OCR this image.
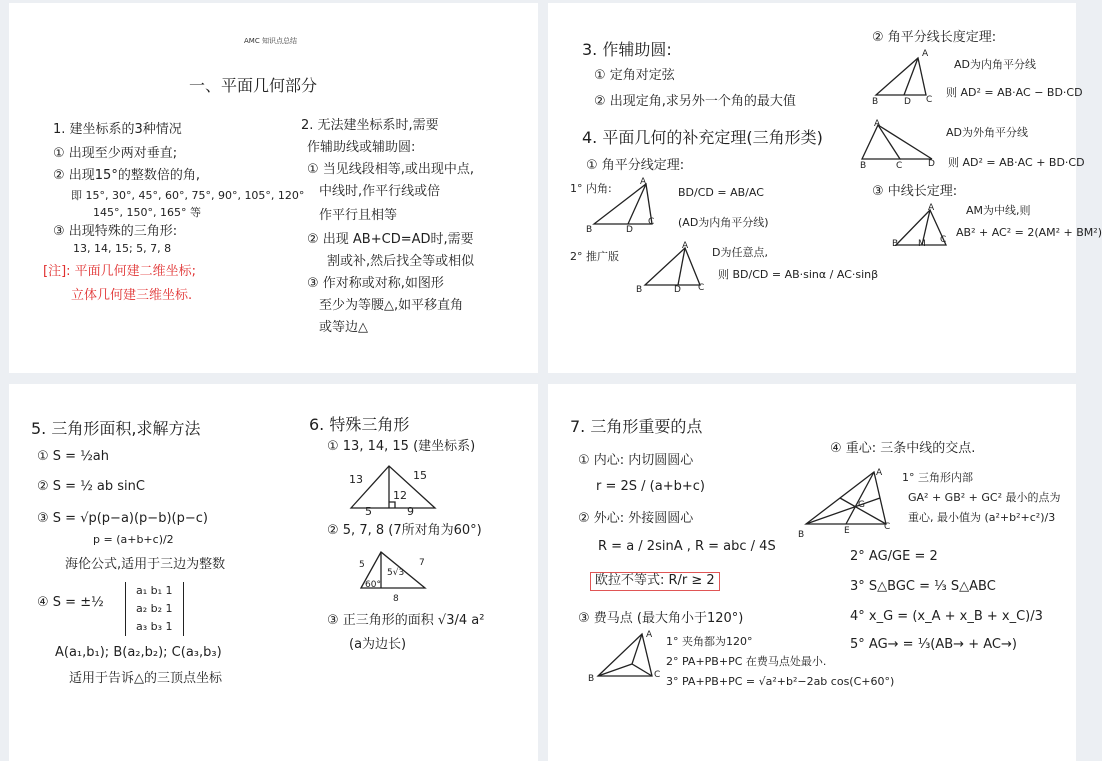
AMC 知识点总结
一、平面几何部分
1. 建坐标系的3种情况
① 出现至少两对垂直;
② 出现15°的整数倍的角,
即 15°, 30°, 45°, 60°, 75°, 90°, 105°, 120°
145°, 150°, 165° 等
③ 出现特殊的三角形:
13, 14, 15; 5, 7, 8
[注]: 平面几何建二维坐标;
立体几何建三维坐标.
2. 无法建坐标系时,需要
作辅助线或辅助圆:
① 当见线段相等,或出现中点,
中线时,作平行线或倍
作平行且相等
② 出现 AB+CD=AD时,需要
割或补,然后找全等或相似
③ 作对称或对称,如图形
至少为等腰△,如平移直角
或等边△
3. 作辅助圆:
① 定角对定弦
② 出现定角,求另外一个角的最大值
4. 平面几何的补充定理(三角形类)
① 角平分线定理:
1° 内角:	A
B	D
C
BD/CD = AB/AC
(AD为内角平分线)
2° 推广版
A
B	D C
D为任意点,
则 BD/CD = AB·sinα / AC·sinβ
② 角平分线长度定理:
A
B	D C
AD为内角平分线
则 AD² = AB·AC − BD·CD
A
B	C	D
AD为外角平分线
则 AD² = AB·AC + BD·CD
③ 中线长定理:
A
B M C
AM为中线,则
AB² + AC² = 2(AM² + BM²)
5. 三角形面积,求解方法
① S = ½ah
② S = ½ ab sinC
③ S = √p(p−a)(p−b)(p−c)
p = (a+b+c)/2
海伦公式,适用于三边为整数
④ S = ±½
a₁ b₁ 1
a₂ b₂ 1
a₃ b₃ 1
A(a₁,b₁); B(a₂,b₂); C(a₃,b₃)
适用于告诉△的三顶点坐标
6. 特殊三角形
① 13, 14, 15 (建坐标系)
13	15
12
5	9
② 5, 7, 8 (7所对角为60°)
5	7
5√3
60°
8
③ 正三角形的面积 √3/4 a²
(a为边长)
7. 三角形重要的点
① 内心: 内切圆圆心
r = 2S / (a+b+c)
② 外心: 外接圆圆心
R = a / 2sinA , R = abc / 4S
欧拉不等式: R/r ≥ 2
③ 费马点 (最大角小于120°)
A
B	C
1° 夹角都为120°
2° PA+PB+PC 在费马点处最小.
3° PA+PB+PC = √a²+b²−2ab cos(C+60°)
④ 重心: 三条中线的交点.
A
B	E	C
G
1° 三角形内部
GA² + GB² + GC² 最小的点为
重心, 最小值为 (a²+b²+c²)/3
2° AG/GE = 2
3° S△BGC = ⅓ S△ABC
4° x_G = (x_A + x_B + x_C)/3
5° AG→ = ⅓(AB→ + AC→)
